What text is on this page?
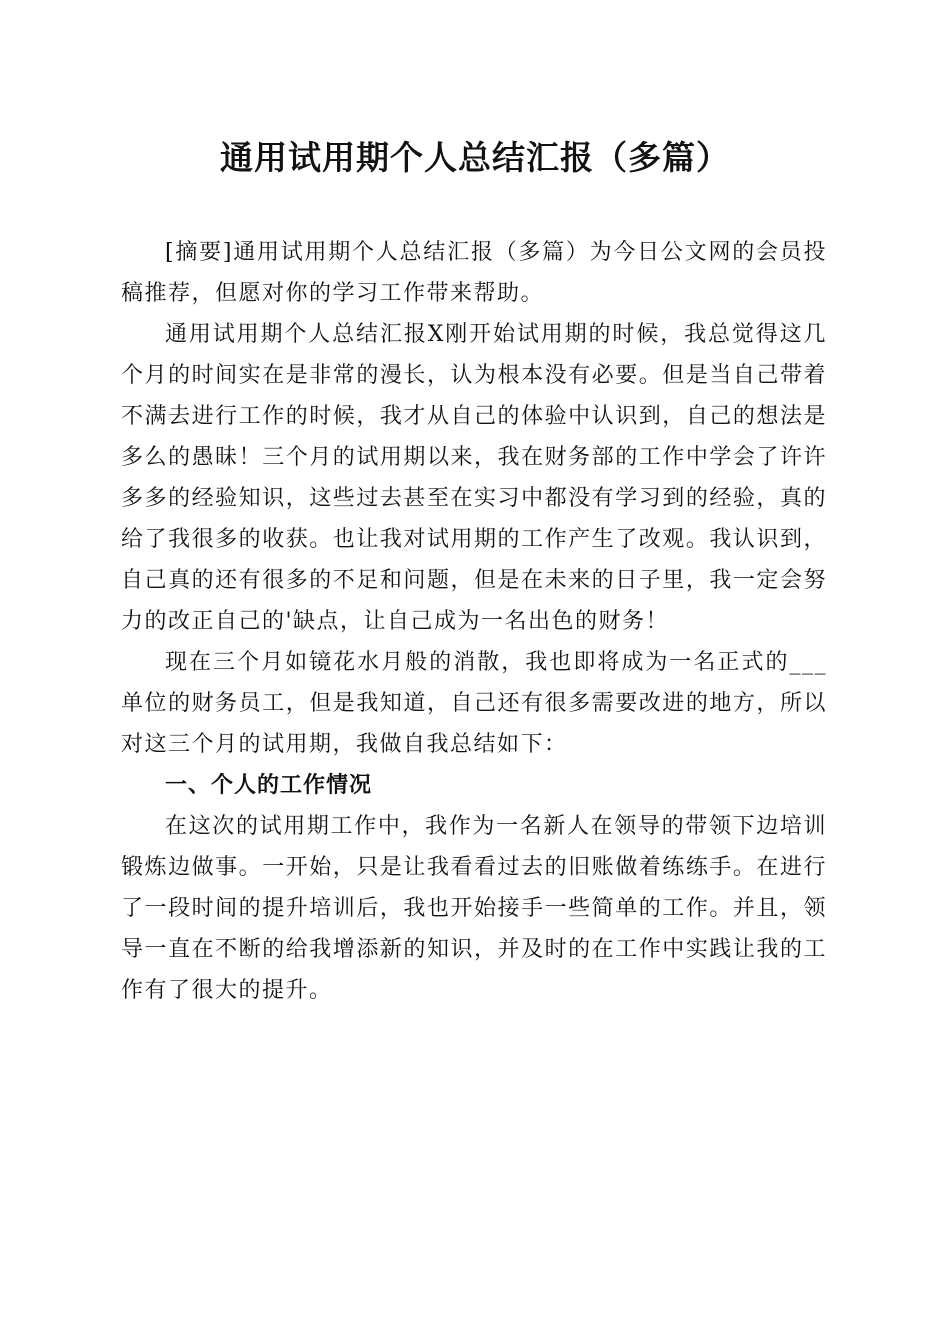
通用试用期个人总结汇报（多篇）

[摘要]通用试用期个人总结汇报（多篇）为今日公文网的会员投稿推荐，但愿对你的学习工作带来帮助。

通用试用期个人总结汇报X刚开始试用期的时候，我总觉得这几个月的时间实在是非常的漫长，认为根本没有必要。但是当自己带着不满去进行工作的时候，我才从自己的体验中认识到，自己的想法是多么的愚昧！三个月的试用期以来，我在财务部的工作中学会了许许多多的经验知识，这些过去甚至在实习中都没有学习到的经验，真的给了我很多的收获。也让我对试用期的工作产生了改观。我认识到，自己真的还有很多的不足和问题，但是在未来的日子里，我一定会努力的改正自己的'缺点，让自己成为一名出色的财务！

现在三个月如镜花水月般的消散，我也即将成为一名正式的___单位的财务员工，但是我知道，自己还有很多需要改进的地方，所以对这三个月的试用期，我做自我总结如下：

一、个人的工作情况

在这次的试用期工作中，我作为一名新人在领导的带领下边培训锻炼边做事。一开始，只是让我看看过去的旧账做着练练手。在进行了一段时间的提升培训后，我也开始接手一些简单的工作。并且，领导一直在不断的给我增添新的知识，并及时的在工作中实践让我的工作有了很大的提升。
